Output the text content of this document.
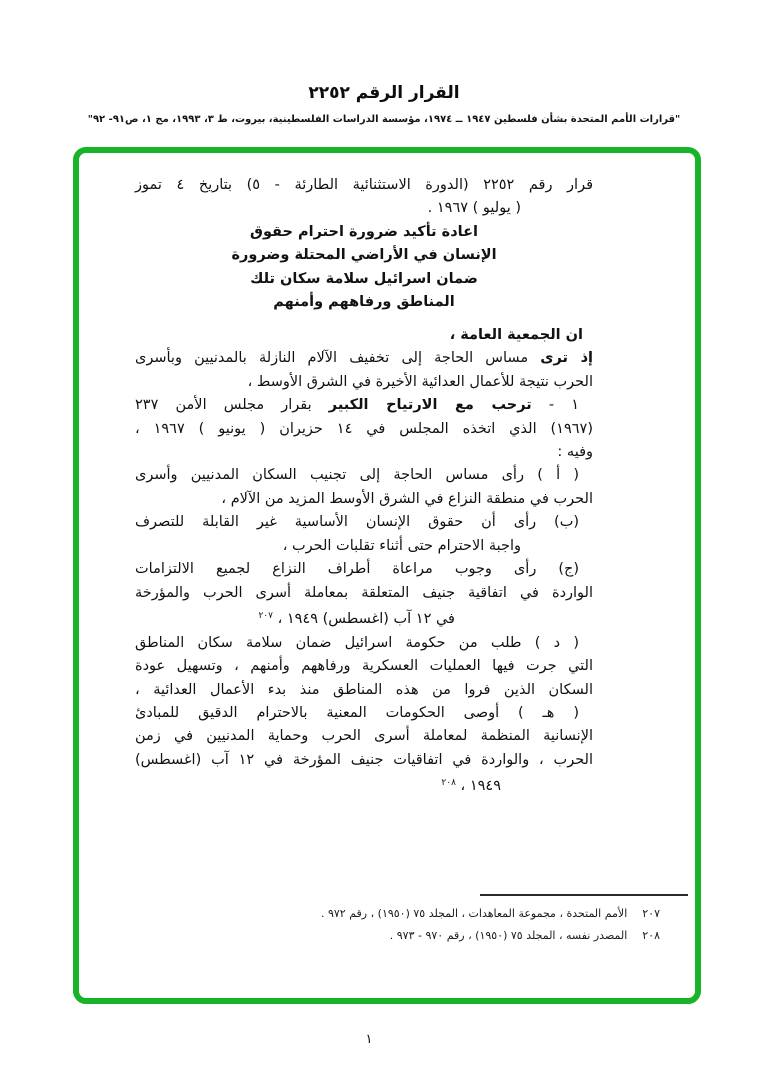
القرار الرقم ٢٢٥٢
"قرارات الأمم المتحدة بشأن فلسطين ١٩٤٧ ــ ١٩٧٤، مؤسسة الدراسات الفلسطينية، بيروت، ط ٣، ١٩٩٣، مج ١، ص٩١- ٩٢"
قرار رقم ٢٢٥٢ (الدورة الاستثنائية الطارئة - ٥) بتاريخ ٤ تموز
( يوليو ) ١٩٦٧ .
اعادة تأكيد ضرورة احترام حقوق
الإنسان في الأراضي المحتلة وضرورة
ضمان اسرائيل سلامة سكان تلك
المناطق ورفاههم وأمنهم
ان الجمعية العامة ،
إذ ترى مساس الحاجة إلى تخفيف الآلام النازلة بالمدنيين وبأسرى
الحرب نتيجة للأعمال العدائية الأخيرة في الشرق الأوسط ،
١ - ترحب مع الارتياح الكبير بقرار مجلس الأمن ٢٣٧
(١٩٦٧) الذي اتخذه المجلس في ١٤ حزيران ( يونيو ) ١٩٦٧ ،
وفيه :
( أ ) رأى مساس الحاجة إلى تجنيب السكان المدنيين وأسرى
الحرب في منطقة النزاع في الشرق الأوسط المزيد من الآلام ،
(ب) رأى أن حقوق الإنسان الأساسية غير القابلة للتصرف
واجبة الاحترام حتى أثناء تقلبات الحرب ،
(ج) رأى وجوب مراعاة أطراف النزاع لجميع الالتزامات
الواردة في اتفاقية جنيف المتعلقة بمعاملة أسرى الحرب والمؤرخة
في ١٢ آب (اغسطس) ١٩٤٩ ، $^{٢٠٧}$
( د ) طلب من حكومة اسرائيل ضمان سلامة سكان المناطق
التي جرت فيها العمليات العسكرية ورفاههم وأمنهم ، وتسهيل عودة
السكان الذين فروا من هذه المناطق منذ بدء الأعمال العدائية ،
( هـ ) أوصى الحكومات المعنية بالاحترام الدقيق للمبادئ
الإنسانية المنظمة لمعاملة أسرى الحرب وحماية المدنيين في زمن
الحرب ، والواردة في اتفاقيات جنيف المؤرخة في ١٢ آب (اغسطس)
١٩٤٩ ، $^{٢٠٨}$
٢٠٧الأمم المتحدة ، مجموعة المعاهدات ، المجلد ٧٥ (١٩٥٠) ، رقم ٩٧٢ .
٢٠٨المصدر نفسه ، المجلد ٧٥ (١٩٥٠) ، رقم ٩٧٠ - ٩٧٣ .
١
